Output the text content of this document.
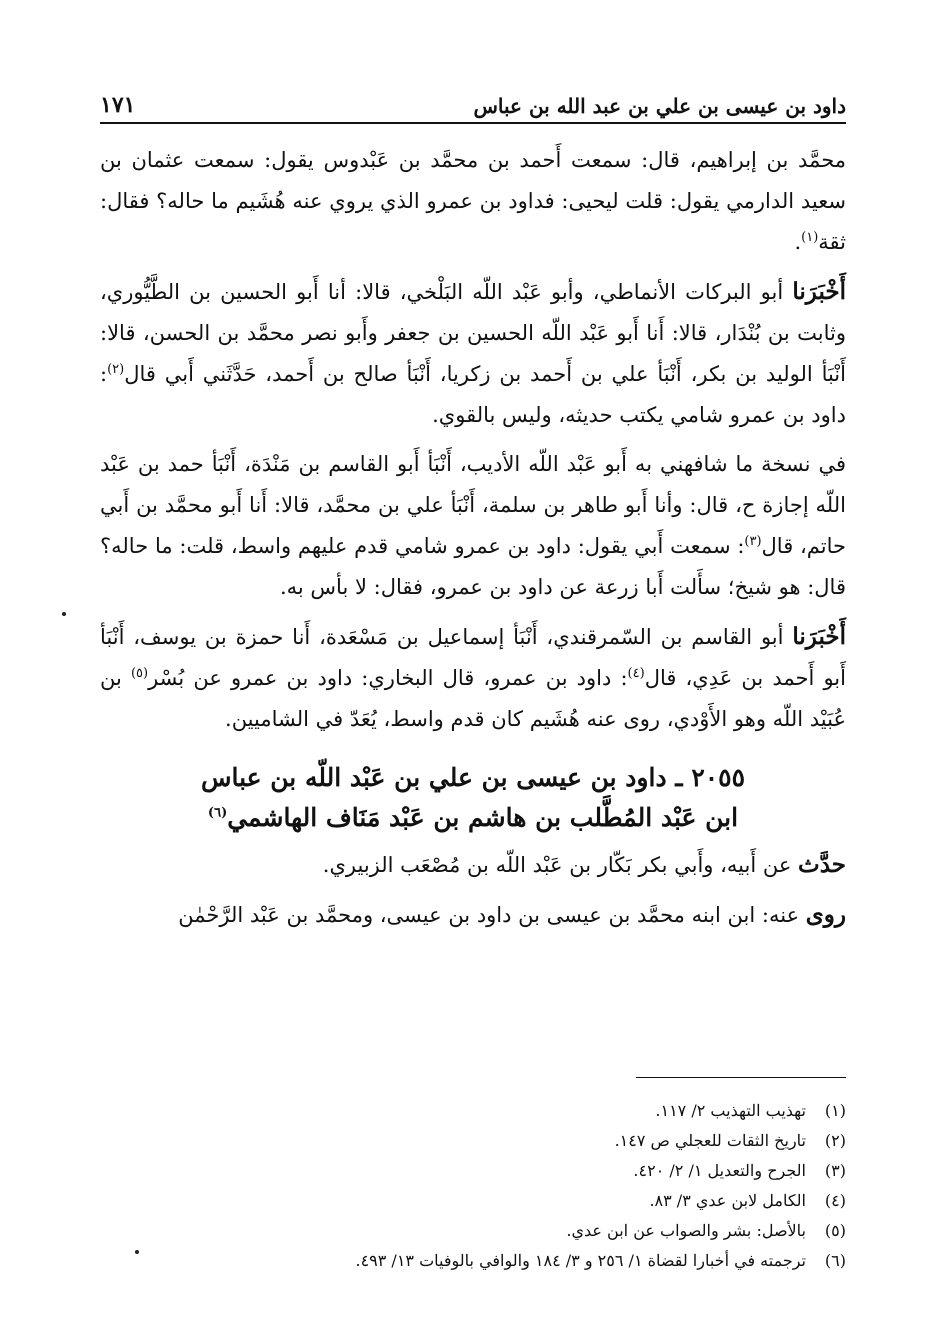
داود بن عيسى بن علي بن عبد الله بن عباس
١٧١

محمَّد بن إبراهيم، قال: سمعت أَحمد بن محمَّد بن عَبْدوس يقول: سمعت عثمان بن سعيد الدارمي يقول: قلت ليحيى: فداود بن عمرو الذي يروي عنه هُشَيم ما حاله؟ فقال: ثقة$^{(١)}$.

أَخْبَرَنا أبو البركات الأنماطي، وأبو عَبْد اللّه البَلْخي، قالا: أنا أَبو الحسين بن الطَّيُّوري، وثابت بن بُنْدَار، قالا: أَنا أَبو عَبْد اللّه الحسين بن جعفر وأَبو نصر محمَّد بن الحسن، قالا: أَنْبَأ الوليد بن بكر، أَنْبَأ علي بن أَحمد بن زكريا، أَنْبَأ صالح بن أَحمد، حَدَّثَني أَبي قال$^{(٢)}$: داود بن عمرو شامي يكتب حديثه، وليس بالقوي.

في نسخة ما شافهني به أَبو عَبْد اللّه الأديب، أَنْبَأ أَبو القاسم بن مَنْدَة، أَنْبَأ حمد بن عَبْد اللّه إجازة ح، قال: وأنا أَبو طاهر بن سلمة، أَنْبَأ علي بن محمَّد، قالا: أَنا أَبو محمَّد بن أَبي حاتم، قال$^{(٣)}$: سمعت أَبي يقول: داود بن عمرو شامي قدم عليهم واسط، قلت: ما حاله؟ قال: هو شيخ؛ سأَلت أَبا زرعة عن داود بن عمرو، فقال: لا بأس به.

أَخْبَرَنا أبو القاسم بن السّمرقندي، أَنْبَأ إسماعيل بن مَسْعَدة، أَنا حمزة بن يوسف، أَنْبَأ أَبو أَحمد بن عَدِي، قال$^{(٤)}$: داود بن عمرو، قال البخاري: داود بن عمرو عن بُسْر$^{(٥)}$ بن عُبَيْد اللّه وهو الأَوْدي، روى عنه هُشَيم كان قدم واسط، يُعَدّ في الشاميين.

٢٠٥٥ ـ داود بن عيسى بن علي بن عَبْد اللّه بن عباس
ابن عَبْد المُطَّلب بن هاشم بن عَبْد مَنَاف الهاشمي$^{(٦)}$

حدَّث عن أَبيه، وأَبي بكر بَكّار بن عَبْد اللّه بن مُصْعَب الزبيري.

روى عنه: ابن ابنه محمَّد بن عيسى بن داود بن عيسى، ومحمَّد بن عَبْد الرَّحْمٰن

(١)
تهذيب التهذيب ٢/ ١١٧.
(٢)
تاريخ الثقات للعجلي ص ١٤٧.
(٣)
الجرح والتعديل ١/ ٢/ ٤٢٠.
(٤)
الكامل لابن عدي ٣/ ٨٣.
(٥)
بالأصل: بشر والصواب عن ابن عدي.
(٦)
ترجمته في أخبارا لقضاة ١/ ٢٥٦ و ٣/ ١٨٤ والوافي بالوفيات ١٣/ ٤٩٣.
